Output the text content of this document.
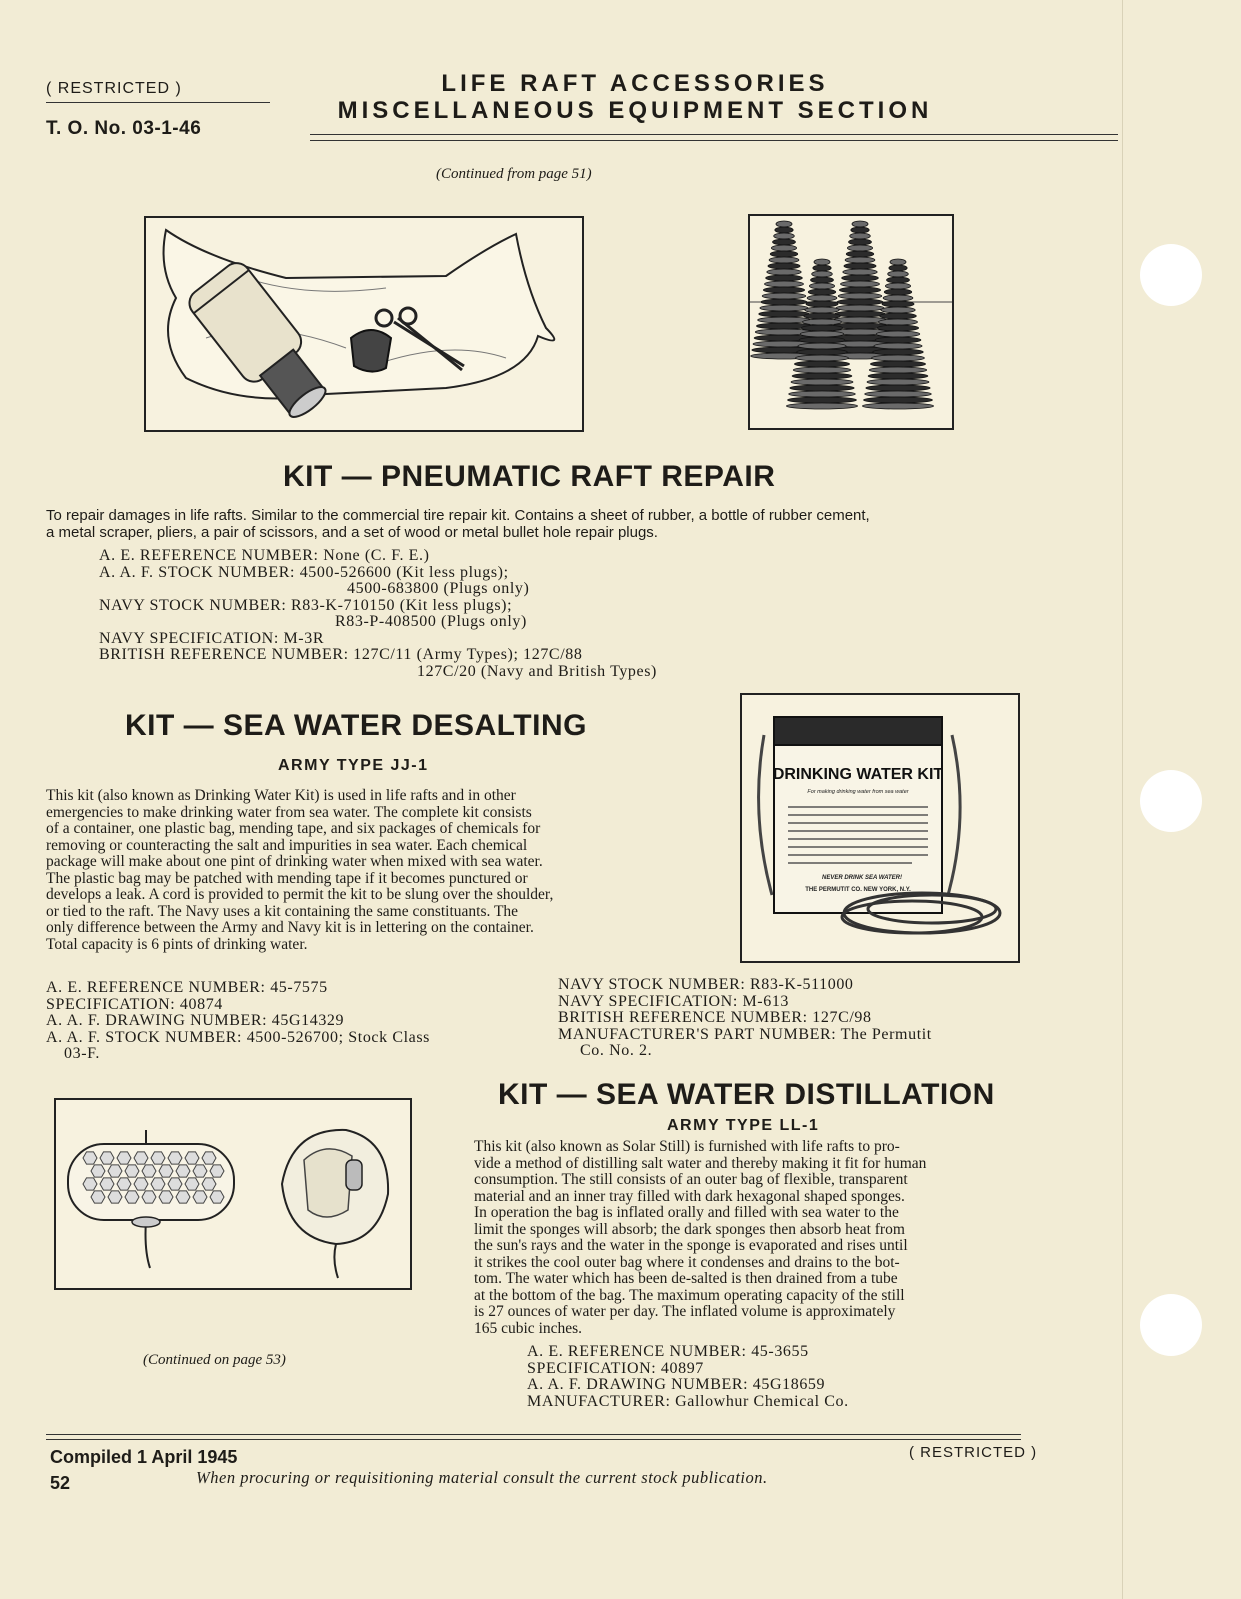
( RESTRICTED )
T. O. No. 03-1-46
LIFE RAFT ACCESSORIES
MISCELLANEOUS EQUIPMENT SECTION
(Continued from page 51)
KIT — PNEUMATIC RAFT REPAIR
To repair damages in life rafts. Similar to the commercial tire repair kit. Contains a sheet of rubber, a bottle of rubber cement,
a metal scraper, pliers, a pair of scissors, and a set of wood or metal bullet hole repair plugs.
A. E. REFERENCE NUMBER: None (C. F. E.)
A. A. F. STOCK NUMBER: 4500-526600 (Kit less plugs);
4500-683800 (Plugs only)
NAVY STOCK NUMBER: R83-K-710150 (Kit less plugs);
R83-P-408500 (Plugs only)
NAVY SPECIFICATION: M-3R
BRITISH REFERENCE NUMBER: 127C/11 (Army Types); 127C/88
127C/20 (Navy and British Types)
KIT — SEA WATER DESALTING
ARMY TYPE JJ-1
This kit (also known as Drinking Water Kit) is used in life rafts and in other
emergencies to make drinking water from sea water. The complete kit consists
of a container, one plastic bag, mending tape, and six packages of chemicals for
removing or counteracting the salt and impurities in sea water. Each chemical
package will make about one pint of drinking water when mixed with sea water.
The plastic bag may be patched with mending tape if it becomes punctured or
develops a leak. A cord is provided to permit the kit to be slung over the shoulder,
or tied to the raft. The Navy uses a kit containing the same constituants. The
only difference between the Army and Navy kit is in lettering on the container.
Total capacity is 6 pints of drinking water.
DRINKING WATER KIT
For making drinking water from sea water
NEVER DRINK SEA WATER!
THE PERMUTIT CO. NEW YORK, N.Y.
A. E. REFERENCE NUMBER: 45-7575
SPECIFICATION: 40874
A. A. F. DRAWING NUMBER: 45G14329
A. A. F. STOCK NUMBER: 4500-526700; Stock Class
03-F.
NAVY STOCK NUMBER: R83-K-511000
NAVY SPECIFICATION: M-613
BRITISH REFERENCE NUMBER: 127C/98
MANUFACTURER'S PART NUMBER: The Permutit
Co. No. 2.
(Continued on page 53)
KIT — SEA WATER DISTILLATION
ARMY TYPE LL-1
This kit (also known as Solar Still) is furnished with life rafts to pro-
vide a method of distilling salt water and thereby making it fit for human
consumption. The still consists of an outer bag of flexible, transparent
material and an inner tray filled with dark hexagonal shaped sponges.
In operation the bag is inflated orally and filled with sea water to the
limit the sponges will absorb; the dark sponges then absorb heat from
the sun's rays and the water in the sponge is evaporated and rises until
it strikes the cool outer bag where it condenses and drains to the bot-
tom. The water which has been de-salted is then drained from a tube
at the bottom of the bag. The maximum operating capacity of the still
is 27 ounces of water per day. The inflated volume is approximately
165 cubic inches.
A. E. REFERENCE NUMBER: 45-3655
SPECIFICATION: 40897
A. A. F. DRAWING NUMBER: 45G18659
MANUFACTURER: Gallowhur Chemical Co.
Compiled 1 April 1945	( RESTRICTED )
52	When procuring or requisitioning material consult the current stock publication.
